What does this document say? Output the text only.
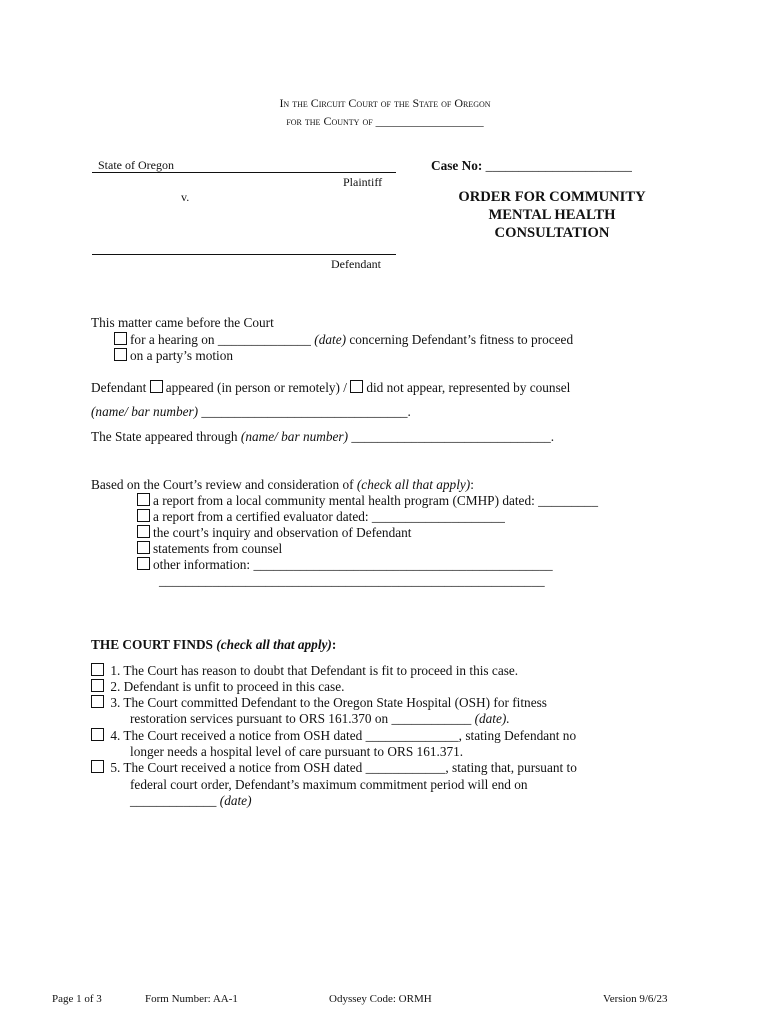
In the Circuit Court of the State of Oregon
for the County of __________________
State of Oregon
Plaintiff
v.
Defendant
Case No: ______________________
ORDER FOR COMMUNITY
MENTAL HEALTH
CONSULTATION
This matter came before the Court
for a hearing on ______________ (date) concerning Defendant’s fitness to proceed
on a party’s motion
Defendant appeared (in person or remotely) / did not appear, represented by counsel
(name/ bar number) _______________________________.
The State appeared through (name/ bar number) ______________________________.
Based on the Court’s review and consideration of (check all that apply):
a report from a local community mental health program (CMHP) dated: _________
a report from a certified evaluator dated: ____________________
the court’s inquiry and observation of Defendant
statements from counsel
other information: _____________________________________________
__________________________________________________________
THE COURT FINDS (check all that apply):
1. The Court has reason to doubt that Defendant is fit to proceed in this case.
2. Defendant is unfit to proceed in this case.
3. The Court committed Defendant to the Oregon State Hospital (OSH) for fitness
restoration services pursuant to ORS 161.370 on ____________ (date).
4. The Court received a notice from OSH dated ______________, stating Defendant no
longer needs a hospital level of care pursuant to ORS 161.371.
5. The Court received a notice from OSH dated ____________, stating that, pursuant to
federal court order, Defendant’s maximum commitment period will end on
_____________ (date)
Page 1 of 3	Form Number: AA-1	Odyssey Code: ORMH	Version 9/6/23
